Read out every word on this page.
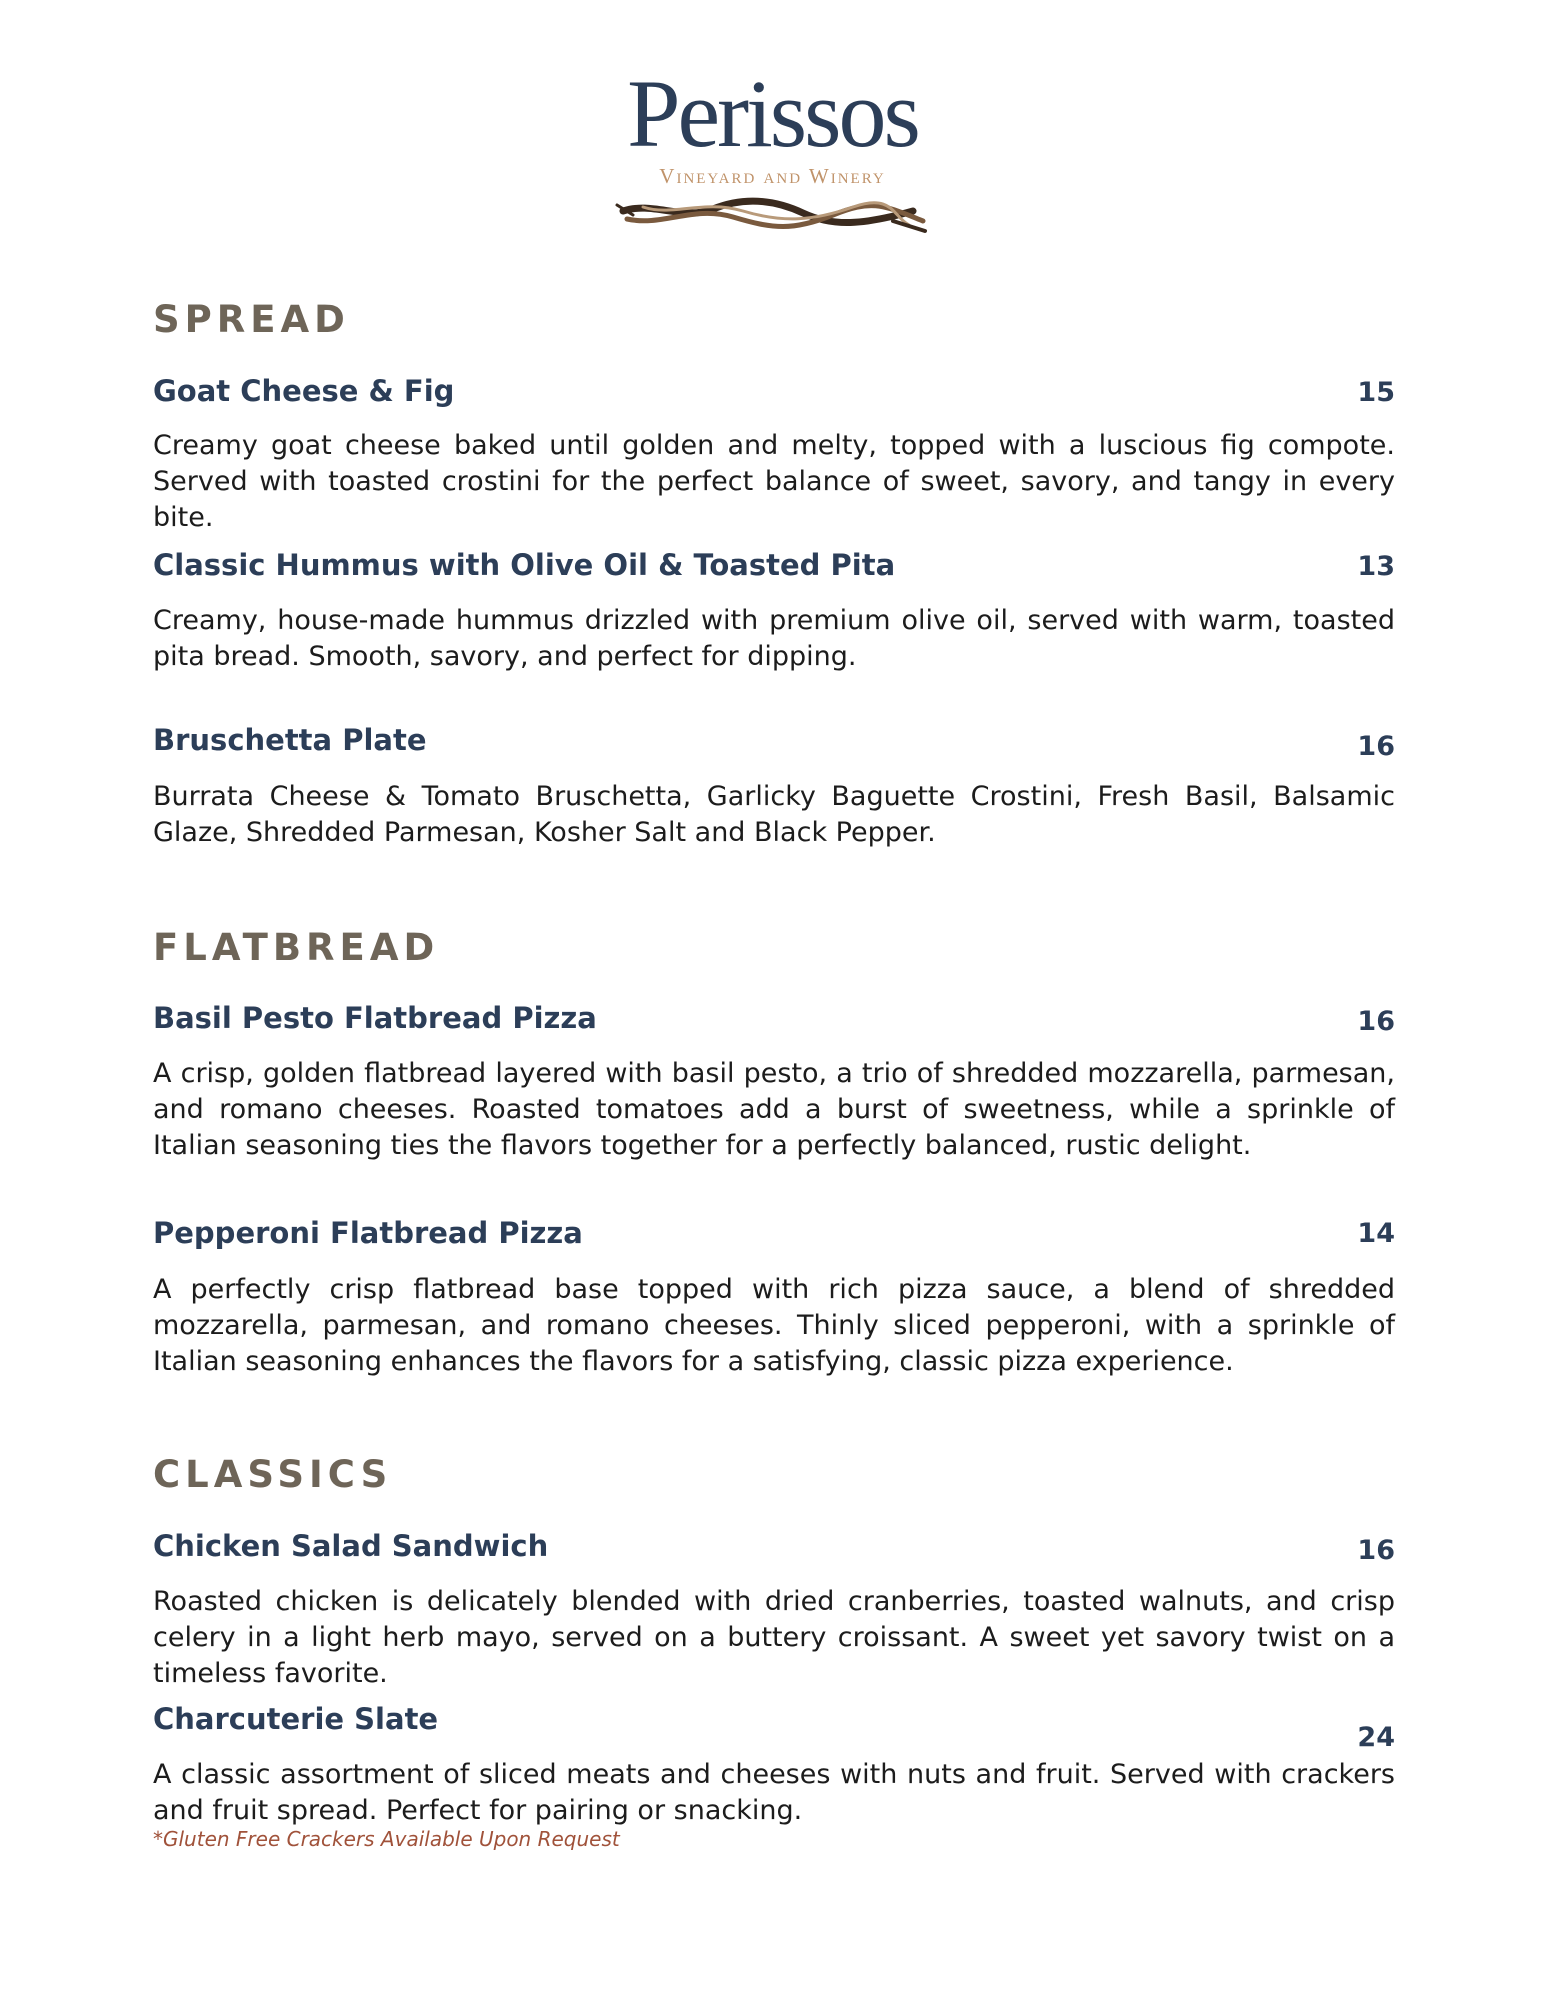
Perissos
Vineyard and Winery
SPREAD
Goat Cheese & Fig	15

Creamy goat cheese baked until golden and melty, topped with a luscious fig compote. Served with toasted crostini for the perfect balance of sweet, savory, and tangy in every bite.

Classic Hummus with Olive Oil & Toasted Pita	13

Creamy, house-made hummus drizzled with premium olive oil, served with warm, toasted pita bread. Smooth, savory, and perfect for dipping.

Bruschetta Plate	16

Burrata Cheese & Tomato Bruschetta, Garlicky Baguette Crostini, Fresh Basil, Balsamic Glaze, Shredded Parmesan, Kosher Salt and Black Pepper.

FLATBREAD
Basil Pesto Flatbread Pizza	16

A crisp, golden flatbread layered with basil pesto, a trio of shredded mozzarella, parmesan, and romano cheeses. Roasted tomatoes add a burst of sweetness, while a sprinkle of Italian seasoning ties the flavors together for a perfectly balanced, rustic delight.

Pepperoni Flatbread Pizza	14

A perfectly crisp flatbread base topped with rich pizza sauce, a blend of shredded mozzarella, parmesan, and romano cheeses. Thinly sliced pepperoni, with a sprinkle of Italian seasoning enhances the flavors for a satisfying, classic pizza experience.

CLASSICS
Chicken Salad Sandwich	16

Roasted chicken is delicately blended with dried cranberries, toasted walnuts, and crisp celery in a light herb mayo, served on a buttery croissant. A sweet yet savory twist on a timeless favorite.

Charcuterie Slate
24

A classic assortment of sliced meats and cheeses with nuts and fruit. Served with crackers and fruit spread. Perfect for pairing or snacking.

*Gluten Free Crackers Available Upon Request
